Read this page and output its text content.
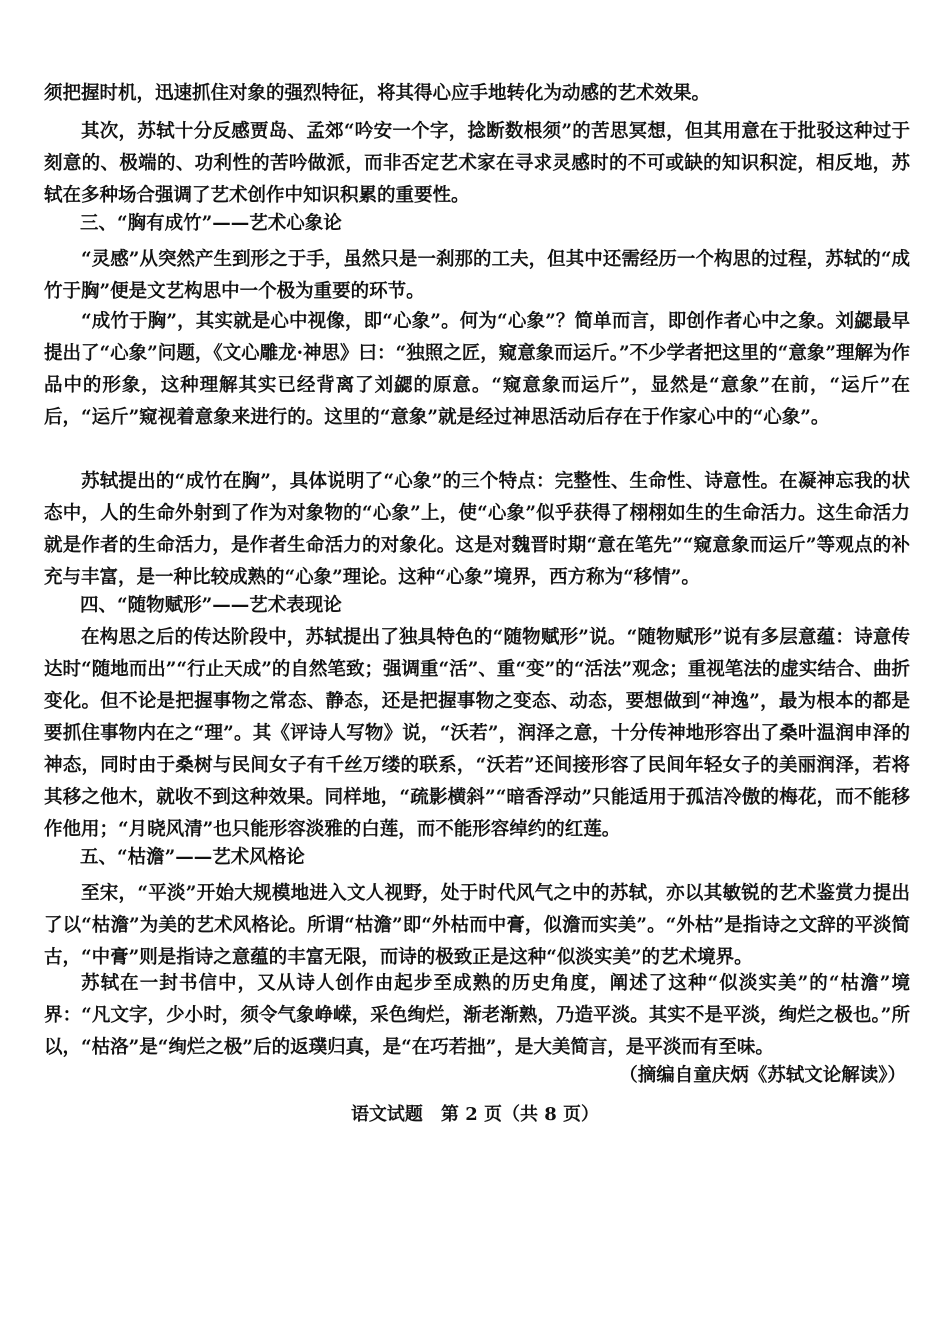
须把握时机，迅速抓住对象的强烈特征，将其得心应手地转化为动感的艺术效果。

其次，苏轼十分反感贾岛、孟郊“吟安一个字，捻断数根须”的苦思冥想，但其用意在于批驳这种过于刻意的、极端的、功利性的苦吟做派，而非否定艺术家在寻求灵感时的不可或缺的知识积淀，相反地，苏轼在多种场合强调了艺术创作中知识积累的重要性。

三、“胸有成竹”——艺术心象论

“灵感”从突然产生到形之于手，虽然只是一刹那的工夫，但其中还需经历一个构思的过程，苏轼的“成竹于胸”便是文艺构思中一个极为重要的环节。

“成竹于胸”，其实就是心中视像，即“心象”。何为“心象”？简单而言，即创作者心中之象。刘勰最早提出了“心象”问题，《文心雕龙·神思》曰：“独照之匠，窥意象而运斤。”不少学者把这里的“意象”理解为作品中的形象，这种理解其实已经背离了刘勰的原意。“窥意象而运斤”，显然是“意象”在前，“运斤”在后，“运斤”窥视着意象来进行的。这里的“意象”就是经过神思活动后存在于作家心中的“心象”。

苏轼提出的“成竹在胸”，具体说明了“心象”的三个特点：完整性、生命性、诗意性。在凝神忘我的状态中，人的生命外射到了作为对象物的“心象”上，使“心象”似乎获得了栩栩如生的生命活力。这生命活力就是作者的生命活力，是作者生命活力的对象化。这是对魏晋时期“意在笔先”“窥意象而运斤”等观点的补充与丰富，是一种比较成熟的“心象”理论。这种“心象”境界，西方称为“移情”。

四、“随物赋形”——艺术表现论

在构思之后的传达阶段中，苏轼提出了独具特色的“随物赋形”说。“随物赋形”说有多层意蕴：诗意传达时“随地而出”“行止天成”的自然笔致；强调重“活”、重“变”的“活法”观念；重视笔法的虚实结合、曲折变化。但不论是把握事物之常态、静态，还是把握事物之变态、动态，要想做到“神逸”，最为根本的都是要抓住事物内在之“理”。其《评诗人写物》说，“沃若”，润泽之意，十分传神地形容出了桑叶温润申泽的神态，同时由于桑树与民间女子有千丝万缕的联系，“沃若”还间接形容了民间年轻女子的美丽润泽，若将其移之他木，就收不到这种效果。同样地，“疏影横斜”“暗香浮动”只能适用于孤洁冷傲的梅花，而不能移作他用；“月晓风清”也只能形容淡雅的白莲，而不能形容绰约的红莲。

五、“枯澹”——艺术风格论

至宋，“平淡”开始大规模地进入文人视野，处于时代风气之中的苏轼，亦以其敏锐的艺术鉴赏力提出了以“枯澹”为美的艺术风格论。所谓“枯澹”即“外枯而中膏，似澹而实美”。“外枯”是指诗之文辞的平淡简古，“中膏”则是指诗之意蕴的丰富无限，而诗的极致正是这种“似淡实美”的艺术境界。

苏轼在一封书信中，又从诗人创作由起步至成熟的历史角度，阐述了这种“似淡实美”的“枯澹”境界：“凡文字，少小时，须令气象峥嵘，采色绚烂，渐老渐熟，乃造平淡。其实不是平淡，绚烂之极也。”所以，“枯洛”是“绚烂之极”后的返璞归真，是“在巧若拙”，是大美简言，是平淡而有至味。

（摘编自童庆炳《苏轼文论解读》）

语文试题　第 2 页（共 8 页）
